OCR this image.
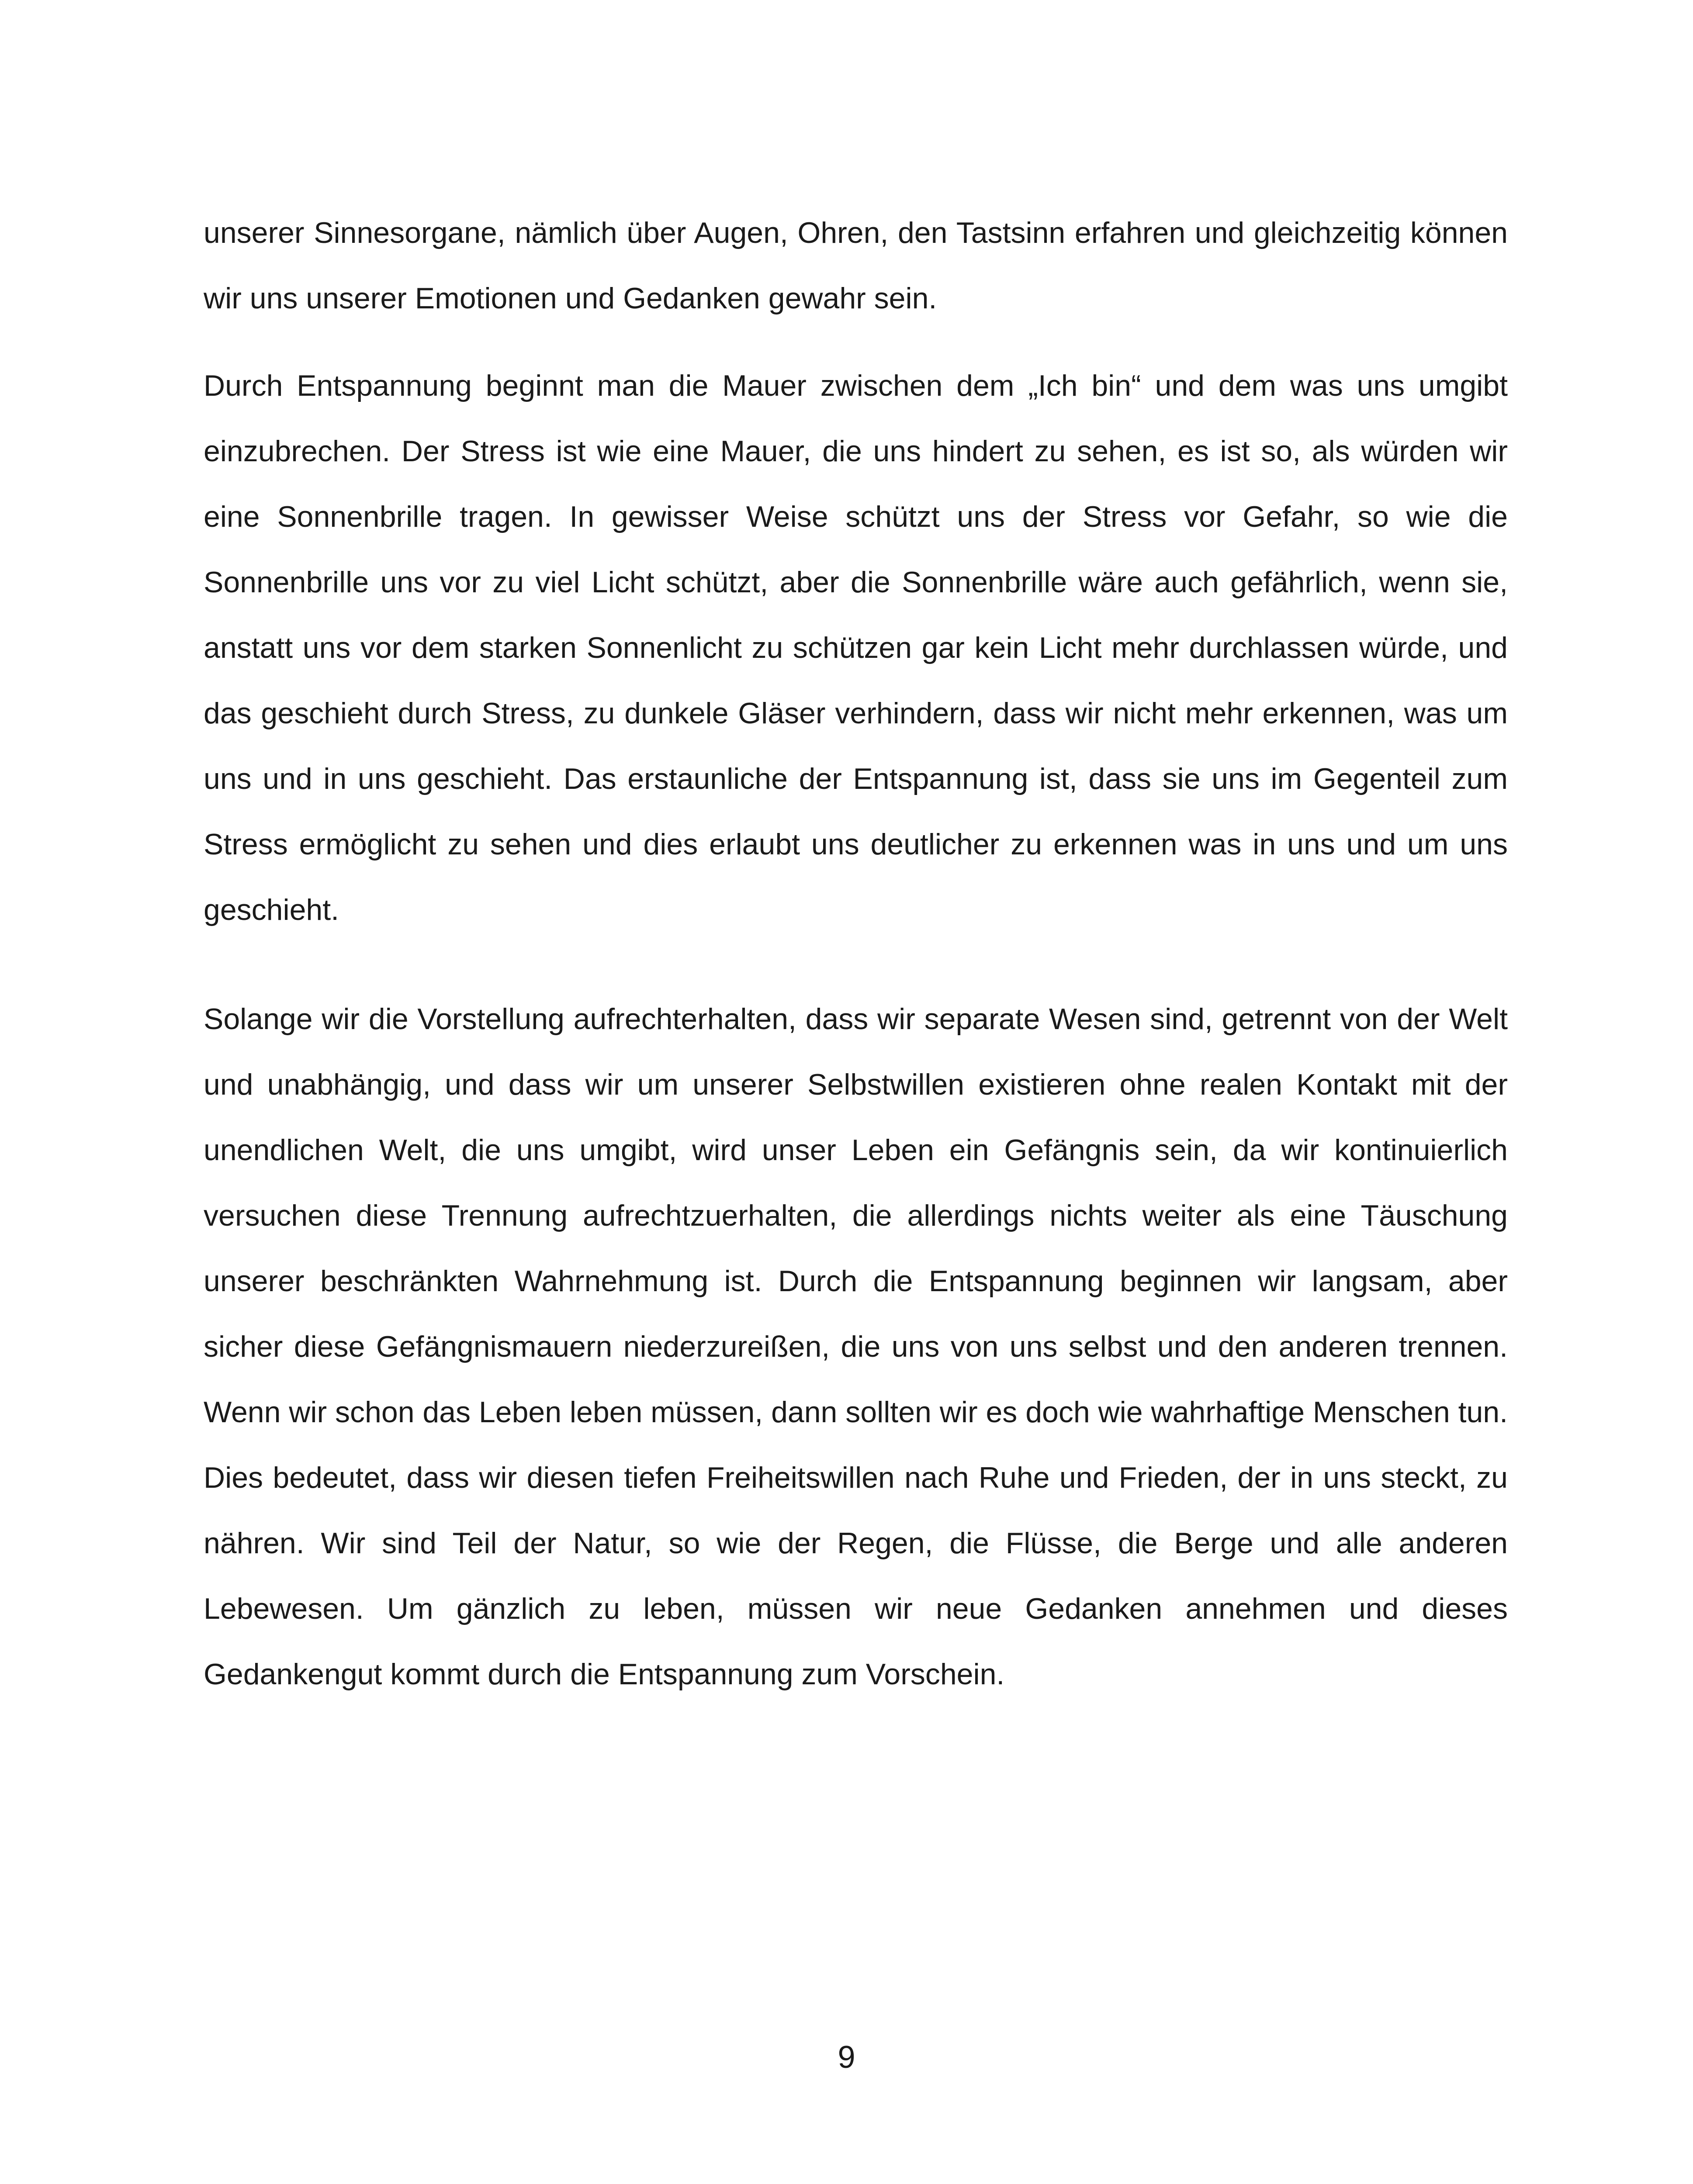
unserer Sinnesorgane, nämlich über Augen, Ohren, den Tastsinn erfahren und gleichzeitig können wir uns unserer Emotionen und Gedanken gewahr sein.

Durch Entspannung beginnt man die Mauer zwischen dem „Ich bin“ und dem was uns umgibt einzubrechen. Der Stress ist wie eine Mauer, die uns hindert zu sehen, es ist so, als würden wir eine Sonnenbrille tragen. In gewisser Weise schützt uns der Stress vor Gefahr, so wie die Sonnenbrille uns vor zu viel Licht schützt, aber die Sonnenbrille wäre auch gefährlich, wenn sie, anstatt uns vor dem starken Sonnenlicht zu schützen gar kein Licht mehr durchlassen würde, und das geschieht durch Stress, zu dunkele Gläser verhindern, dass wir nicht mehr erkennen, was um uns und in uns geschieht. Das erstaunliche der Entspannung ist, dass sie uns im Gegenteil zum Stress ermöglicht zu sehen und dies erlaubt uns deutlicher zu erkennen was in uns und um uns geschieht.

Solange wir die Vorstellung aufrechterhalten, dass wir separate Wesen sind, getrennt von der Welt und unabhängig, und dass wir um unserer Selbstwillen existieren ohne realen Kontakt mit der unendlichen Welt, die uns umgibt, wird unser Leben ein Gefängnis sein, da wir kontinuierlich versuchen diese Trennung aufrechtzuerhalten, die allerdings nichts weiter als eine Täuschung unserer beschränkten Wahrnehmung ist. Durch die Entspannung beginnen wir langsam, aber sicher diese Gefängnismauern niederzureißen, die uns von uns selbst und den anderen trennen. Wenn wir schon das Leben leben müssen, dann sollten wir es doch wie wahrhaftige Menschen tun. Dies bedeutet, dass wir diesen tiefen Freiheitswillen nach Ruhe und Frieden, der in uns steckt, zu nähren. Wir sind Teil der Natur, so wie der Regen, die Flüsse, die Berge und alle anderen Lebewesen. Um gänzlich zu leben, müssen wir neue Gedanken annehmen und dieses Gedankengut kommt durch die Entspannung zum Vorschein.

9
